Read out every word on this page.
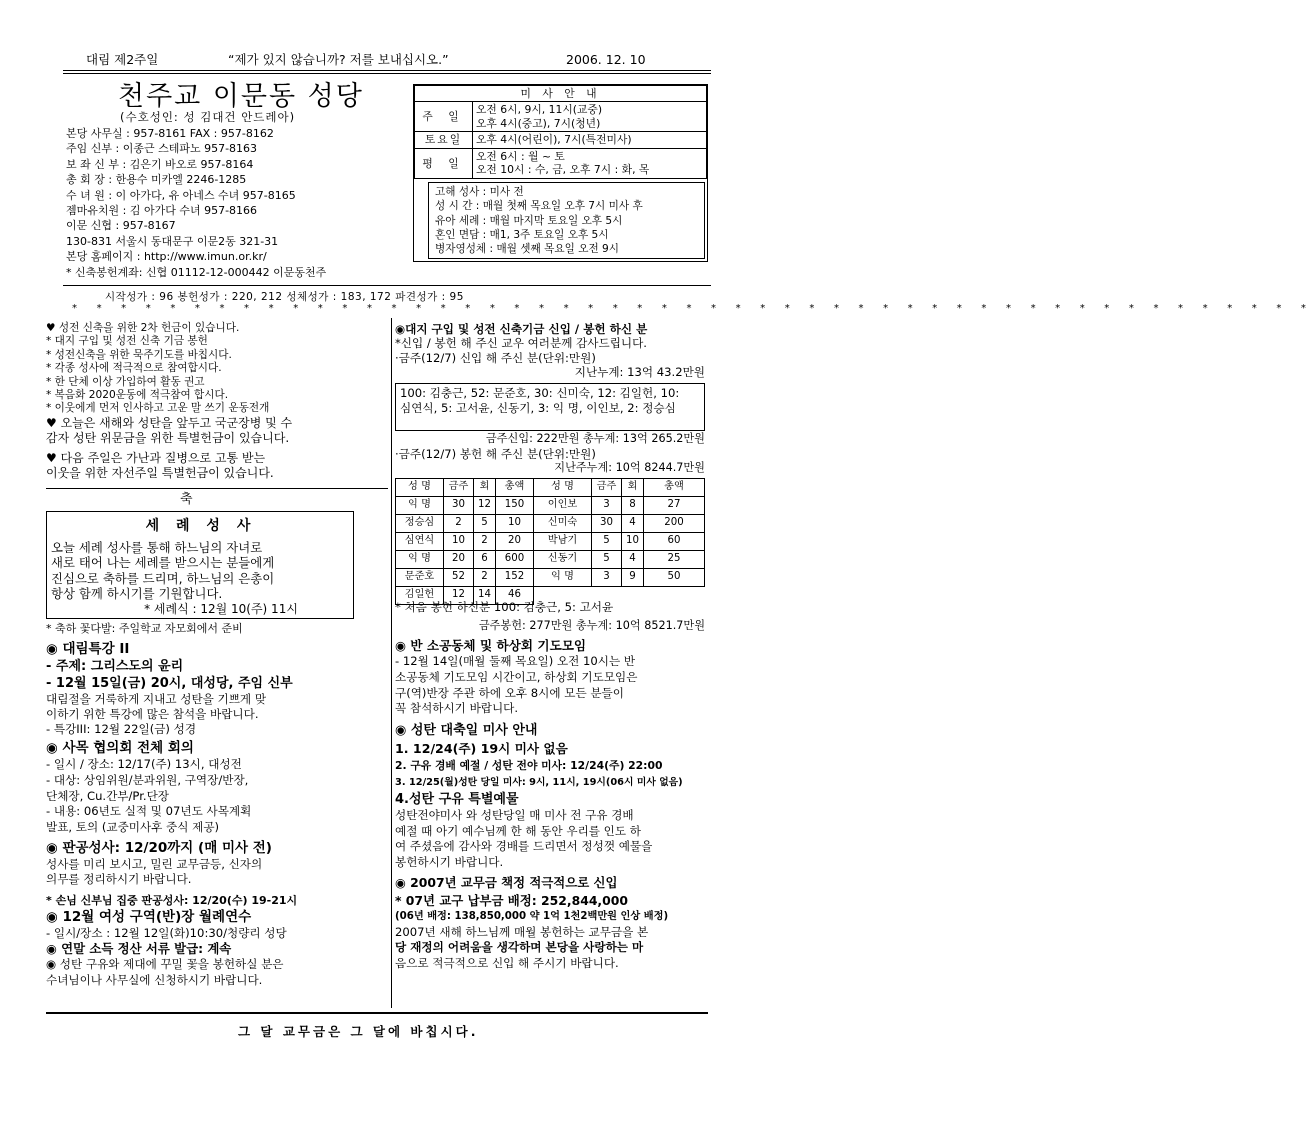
대림 제2주일	“제가 있지 않습니까? 저를 보내십시오.”	2006. 12. 10
천주교 이문동 성당
(수호성인: 성 김대건 안드레아)
본당 사무실 : 957-8161 FAX : 957-8162
주임 신부 : 이종근 스테파노 957-8163
보 좌 신 부 : 김은기 바오로 957-8164
총 회 장 : 한용수 미카엘 2246-1285
수 녀 원 : 이 아가다, 유 아네스 수녀 957-8165
젬마유치원 : 김 아가다 수녀 957-8166
이문 신협 : 957-8167
130-831 서울시 동대문구 이문2동 321-31
본당 홈페이지 : http://www.imun.or.kr/
* 신축봉헌계좌: 신협 01112-12-000442 이문동천주
미 사 안 내	
주 일	오전 6시, 9시, 11시(교중)
오후 4시(중고), 7시(청년)

토요일	오후 4시(어린이), 7시(특전미사)
평 일	오전 6시 : 월 ~ 토
오전 10시 : 수, 금, 오후 7시 : 화, 목
고해 성사 : 미사 전
성 시 간 : 매월 첫째 목요일 오후 7시 미사 후
유아 세례 : 매월 마지막 토요일 오후 5시
혼인 면담 : 매1, 3주 토요일 오후 5시
병자영성체 : 매월 셋째 목요일 오전 9시
시작성가 : 96 봉헌성가 : 220, 212 성체성가 : 183, 172 파견성가 : 95
* * * * * * * * * * * * * * * * * * * * * * * * * * * * * * * * * * * * * * * * * * * * * * * * * * *
♥ 성전 신축을 위한 2차 헌금이 있습니다.
* 대지 구입 및 성전 신축 기금 봉헌
* 성전신축을 위한 묵주기도를 바칩시다.
* 각종 성사에 적극적으로 참여합시다.
* 한 단체 이상 가입하여 활동 권고
* 복음화 2020운동에 적극참여 합시다.
* 이웃에게 먼저 인사하고 고운 말 쓰기 운동전개
♥ 오늘은 새해와 성탄을 앞두고 국군장병 및 수
감자 성탄 위문금을 위한 특별헌금이 있습니다.
♥ 다음 주일은 가난과 질병으로 고통 받는
이웃을 위한 자선주일 특별헌금이 있습니다.
축
세 례 성 사
오늘 세례 성사를 통해 하느님의 자녀로
새로 태어 나는 세례를 받으시는 분들에게
진심으로 축하를 드리며, 하느님의 은총이
항상 함께 하시기를 기원합니다.
* 세례식 : 12월 10(주) 11시
* 축하 꽃다발: 주일학교 자모회에서 준비
◉ 대림특강 II
- 주제: 그리스도의 윤리
- 12월 15일(금) 20시, 대성당, 주임 신부
대림절을 거룩하게 지내고 성탄을 기쁘게 맞
이하기 위한 특강에 많은 참석을 바랍니다.
- 특강III: 12월 22일(금) 성경
◉ 사목 협의회 전체 회의
- 일시 / 장소: 12/17(주) 13시, 대성전
- 대상: 상임위원/분과위원, 구역장/반장,
단체장, Cu.간부/Pr.단장
- 내용: 06년도 실적 및 07년도 사목계획
발표, 토의 (교중미사후 중식 제공)
◉ 판공성사: 12/20까지 (매 미사 전)
성사를 미리 보시고, 밀린 교무금등, 신자의
의무를 정리하시기 바랍니다.
* 손님 신부님 집중 판공성사: 12/20(수) 19-21시
◉ 12월 여성 구역(반)장 월례연수
- 일시/장소 : 12월 12일(화)10:30/청량리 성당
◉ 연말 소득 정산 서류 발급: 계속
◉ 성탄 구유와 제대에 꾸밀 꽃을 봉헌하실 분은
수녀님이나 사무실에 신청하시기 바랍니다.
◉대지 구입 및 성전 신축기금 신입 / 봉헌 하신 분
*신입 / 봉헌 해 주신 교우 여러분께 감사드립니다.
·금주(12/7) 신입 해 주신 분(단위:만원)
지난누계: 13억 43.2만원
100: 김충근, 52: 문준호, 30: 신미숙, 12: 김일헌, 10: 심연식, 5: 고서윤, 신동기, 3: 익 명, 이인보, 2: 정승심
금주신입: 222만원 총누계: 13억 265.2만원
·금주(12/7) 봉헌 해 주신 분(단위:만원)
지난주누계: 10억 8244.7만원
성 명	금주	회	총액	성 명	금주	회	총액
익 명	30	12	150	이인보	3	8	27
정승심	2	5	10	신미숙	30	4	200
심연식	10	2	20	박남기	5	10	60
익 명	20	6	600	신동기	5	4	25
문준호	52	2	152	익 명	3	9	50
김일헌	12	14	46				
* 처음 봉헌 하신분 100: 김충근, 5: 고서윤
금주봉헌: 277만원 총누계: 10억 8521.7만원
◉ 반 소공동체 및 하상회 기도모임
- 12월 14일(매월 둘째 목요일) 오전 10시는 반
소공동체 기도모임 시간이고, 하상회 기도모임은
구(역)반장 주관 하에 오후 8시에 모든 분들이
꼭 참석하시기 바랍니다.
◉ 성탄 대축일 미사 안내
1. 12/24(주) 19시 미사 없음
2. 구유 경배 예절 / 성탄 전야 미사: 12/24(주) 22:00
3. 12/25(월)성탄 당일 미사: 9시, 11시, 19시(06시 미사 없음)
4.성탄 구유 특별예물
성탄전야미사 와 성탄당일 매 미사 전 구유 경배
예절 때 아기 예수님께 한 해 동안 우리를 인도 하
여 주셨음에 감사와 경배를 드리면서 정성껏 예물을
봉헌하시기 바랍니다.
◉ 2007년 교무금 책정 적극적으로 신입
* 07년 교구 납부금 배정: 252,844,000
(06년 배정: 138,850,000 약 1억 1천2백만원 인상 배정)
2007년 새해 하느님께 매월 봉헌하는 교무금을 본
당 재정의 어려움을 생각하며 본당을 사랑하는 마
음으로 적극적으로 신입 해 주시기 바랍니다.
그 달 교무금은 그 달에 바칩시다.
